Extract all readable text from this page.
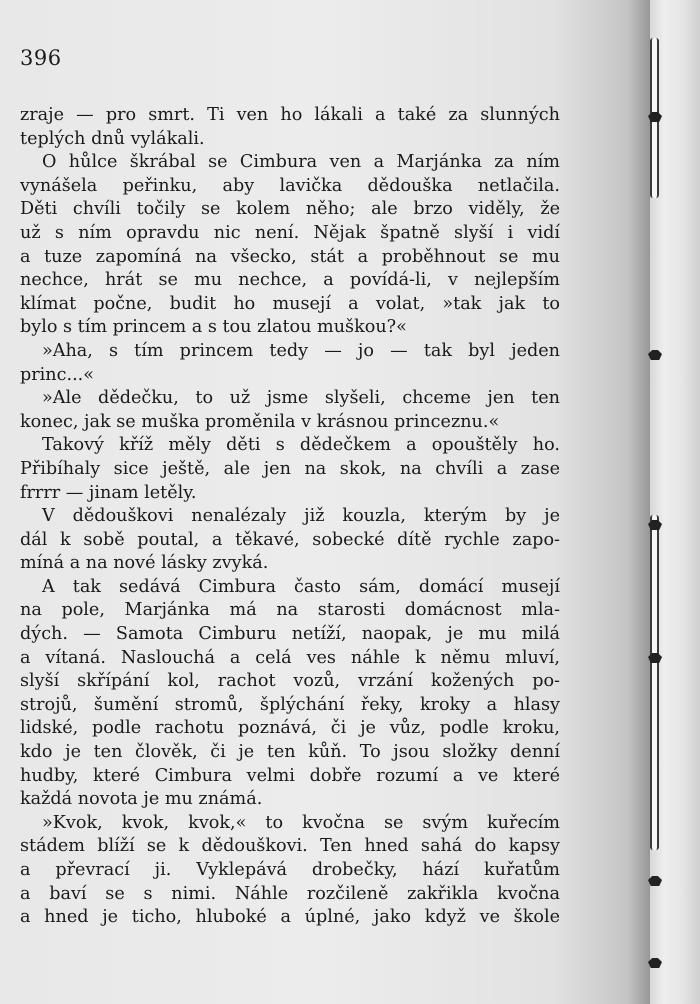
396
zraje — pro smrt. Ti ven ho lákali a také za slunných
teplých dnů vylákali.
O hůlce škrábal se Cimbura ven a Marjánka za ním
vynášela peřinku, aby lavička dědouška netlačila.
Děti chvíli točily se kolem něho; ale brzo viděly, že
už s ním opravdu nic není. Nějak špatně slyší i vidí
a tuze zapomíná na všecko, stát a proběhnout se mu
nechce, hrát se mu nechce, a povídá-li, v nejlepším
klímat počne, budit ho musejí a volat, »tak jak to
bylo s tím princem a s tou zlatou muškou?«
»Aha, s tím princem tedy — jo — tak byl jeden
princ...«
»Ale dědečku, to už jsme slyšeli, chceme jen ten
konec, jak se muška proměnila v krásnou princeznu.«
Takový kříž měly děti s dědečkem a opouštěly ho.
Přibíhaly sice ještě, ale jen na skok, na chvíli a zase
frrrr — jinam letěly.
V dědouškovi nenalézaly již kouzla, kterým by je
dál k sobě poutal, a těkavé, sobecké dítě rychle zapo-
míná a na nové lásky zvyká.
A tak sedává Cimbura často sám, domácí musejí
na pole, Marjánka má na starosti domácnost mla-
dých. — Samota Cimburu netíží, naopak, je mu milá
a vítaná. Naslouchá a celá ves náhle k němu mluví,
slyší skřípání kol, rachot vozů, vrzání kožených po-
strojů, šumění stromů, šplýchání řeky, kroky a hlasy
lidské, podle rachotu poznává, či je vůz, podle kroku,
kdo je ten člověk, či je ten kůň. To jsou složky denní
hudby, které Cimbura velmi dobře rozumí a ve které
každá novota je mu známá.
»Kvok, kvok, kvok,« to kvočna se svým kuřecím
stádem blíží se k dědouškovi. Ten hned sahá do kapsy
a převrací ji. Vyklepává drobečky, hází kuřatům
a baví se s nimi. Náhle rozčileně zakřikla kvočna
a hned je ticho, hluboké a úplné, jako když ve škole
